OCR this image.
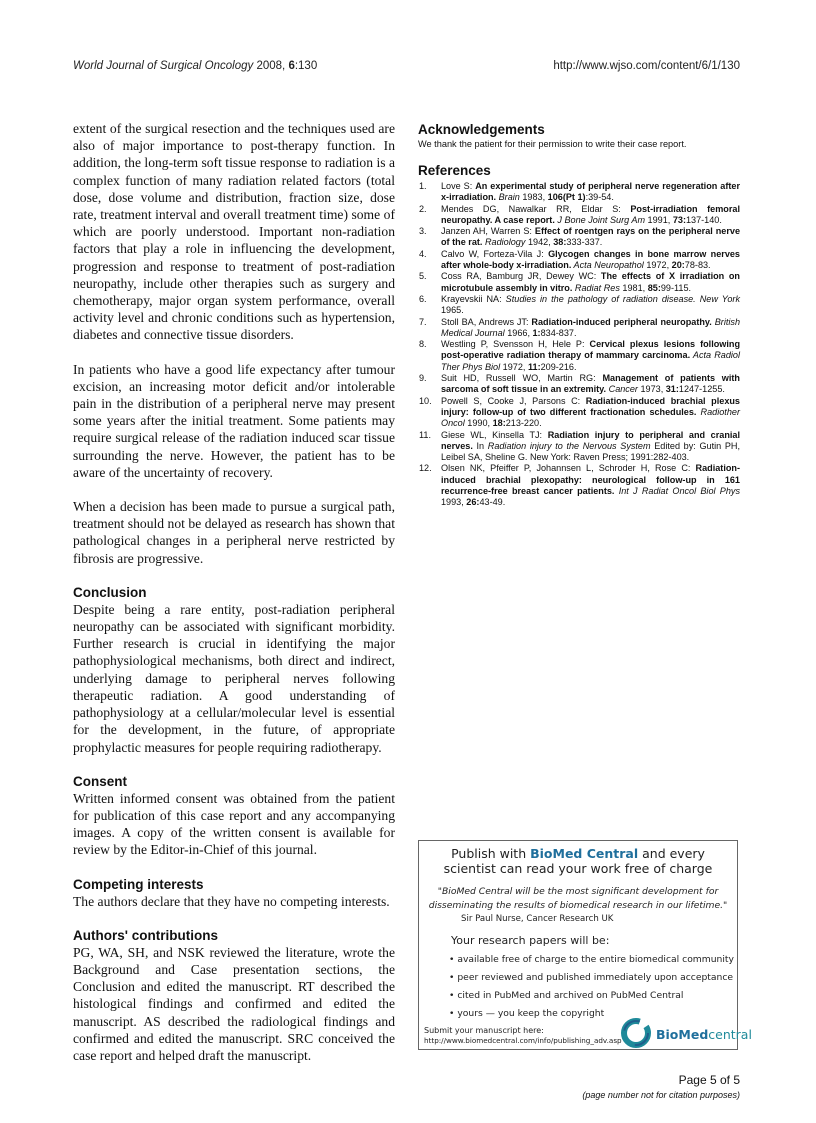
World Journal of Surgical Oncology 2008, 6:130	http://www.wjso.com/content/6/1/130

extent of the surgical resection and the techniques used are also of major importance to post-therapy function. In addition, the long-term soft tissue response to radiation is a complex function of many radiation related factors (total dose, dose volume and distribution, fraction size, dose rate, treatment interval and overall treatment time) some of which are poorly understood. Important non-radiation factors that play a role in influencing the development, progression and response to treatment of post-radiation neuropathy, include other therapies such as surgery and chemotherapy, major organ system performance, overall activity level and chronic conditions such as hypertension, diabetes and connective tissue disorders.

In patients who have a good life expectancy after tumour excision, an increasing motor deficit and/or intolerable pain in the distribution of a peripheral nerve may present some years after the initial treatment. Some patients may require surgical release of the radiation induced scar tissue surrounding the nerve. However, the patient has to be aware of the uncertainty of recovery.

When a decision has been made to pursue a surgical path, treatment should not be delayed as research has shown that pathological changes in a peripheral nerve restricted by fibrosis are progressive.

Conclusion

Despite being a rare entity, post-radiation peripheral neuropathy can be associated with significant morbidity. Further research is crucial in identifying the major pathophysiological mechanisms, both direct and indirect, underlying damage to peripheral nerves following therapeutic radiation. A good understanding of pathophysiology at a cellular/molecular level is essential for the development, in the future, of appropriate prophylactic measures for people requiring radiotherapy.

Consent

Written informed consent was obtained from the patient for publication of this case report and any accompanying images. A copy of the written consent is available for review by the Editor-in-Chief of this journal.

Competing interests

The authors declare that they have no competing interests.

Authors' contributions

PG, WA, SH, and NSK reviewed the literature, wrote the Background and Case presentation sections, the Conclusion and edited the manuscript. RT described the histological findings and confirmed and edited the manuscript. AS described the radiological findings and confirmed and edited the manuscript. SRC conceived the case report and helped draft the manuscript.

Acknowledgements

We thank the patient for their permission to write their case report.

References
1. Love S: An experimental study of peripheral nerve regeneration after x-irradiation. Brain 1983, 106(Pt 1):39-54.
2. Mendes DG, Nawalkar RR, Eldar S: Post-irradiation femoral neuropathy. A case report. J Bone Joint Surg Am 1991, 73:137-140.
3. Janzen AH, Warren S: Effect of roentgen rays on the peripheral nerve of the rat. Radiology 1942, 38:333-337.
4. Calvo W, Forteza-Vila J: Glycogen changes in bone marrow nerves after whole-body x-irradiation. Acta Neuropathol 1972, 20:78-83.
5. Coss RA, Bamburg JR, Dewey WC: The effects of X irradiation on microtubule assembly in vitro. Radiat Res 1981, 85:99-115.
6. Krayevskii NA: Studies in the pathology of radiation disease. New York 1965.
7. Stoll BA, Andrews JT: Radiation-induced peripheral neuropathy. British Medical Journal 1966, 1:834-837.
8. Westling P, Svensson H, Hele P: Cervical plexus lesions following post-operative radiation therapy of mammary carcinoma. Acta Radiol Ther Phys Biol 1972, 11:209-216.
9. Suit HD, Russell WO, Martin RG: Management of patients with sarcoma of soft tissue in an extremity. Cancer 1973, 31:1247-1255.
10. Powell S, Cooke J, Parsons C: Radiation-induced brachial plexus injury: follow-up of two different fractionation schedules. Radiother Oncol 1990, 18:213-220.
11. Giese WL, Kinsella TJ: Radiation injury to peripheral and cranial nerves. In Radiation injury to the Nervous System Edited by: Gutin PH, Leibel SA, Sheline G. New York: Raven Press; 1991:282-403.
12. Olsen NK, Pfeiffer P, Johannsen L, Schroder H, Rose C: Radiation-induced brachial plexopathy: neurological follow-up in 161 recurrence-free breast cancer patients. Int J Radiat Oncol Biol Phys 1993, 26:43-49.
Publish with BioMed Central and every
scientist can read your work free of charge
"BioMed Central will be the most significant development for disseminating the results of biomedical research in our lifetime."
Sir Paul Nurse, Cancer Research UK
Your research papers will be:
• available free of charge to the entire biomedical community
• peer reviewed and published immediately upon acceptance
• cited in PubMed and archived on PubMed Central
• yours — you keep the copyright
Submit your manuscript here:
http://www.biomedcentral.com/info/publishing_adv.asp	BioMedcentral
Page 5 of 5
(page number not for citation purposes)
